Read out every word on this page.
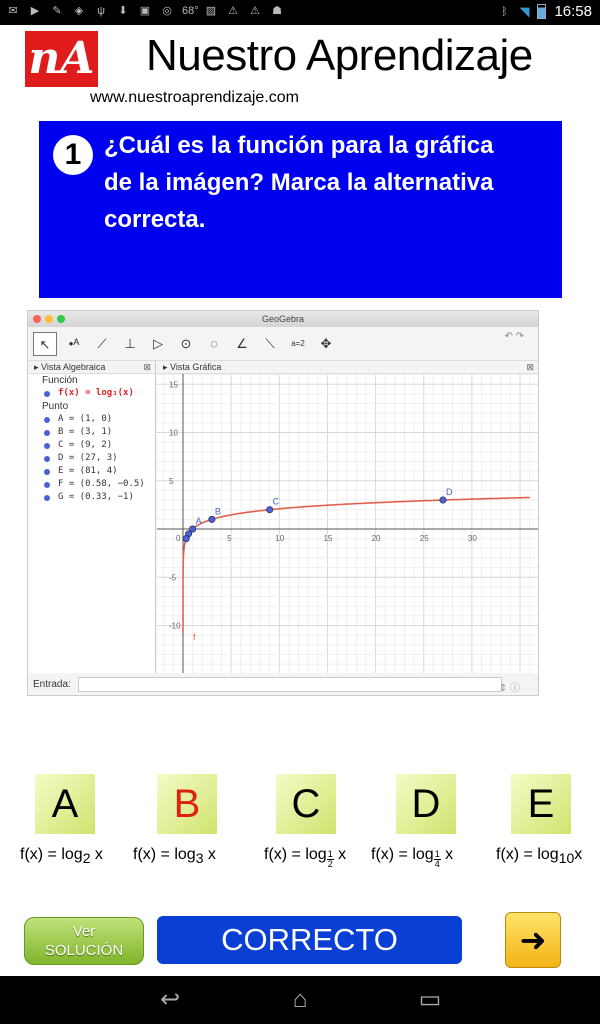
✉ ▶ ✎ ◈ ψ ⬇ ▣ ◎ 68° ▨ ⚠ ⚠ ☗	ᛒ ◥ 16:58
nA Nuestro Aprendizaje
www.nuestroaprendizaje.com
1 ¿Cuál es la función para la gráfica de la imágen? Marca la alternativa correcta.
GeoGebra
↖	•ᴬ	⟋	⊥	▷	⊙	◌	∠	⟍	a=2	✥	↶ ↷
▸ Vista Algebraica	⊠
Función
f(x) = log₃(x)
Punto
A = (1, 0)
B = (3, 1)
C = (9, 2)
D = (27, 3)
E = (81, 4)
F = (0.58, −0.5)
G = (0.33, −1)
▸ Vista Gráfica	⊠
0	5	10	15	20	25	30
15
10
5
-5
-10
f
A
B
C
D
Entrada:	⇕ ⓘ
A	B	C	D	E
$f(x) = \log_2 x$ $f(x) = \log_3 x$	$f(x) = \log \frac{1}{2}$ x $f(x) = \log \frac{1}{4}$ x	$f(x) = \log_{10}x$
Ver
SOLUCIÓN	CORRECTO	➜
↩	⌂	▭
